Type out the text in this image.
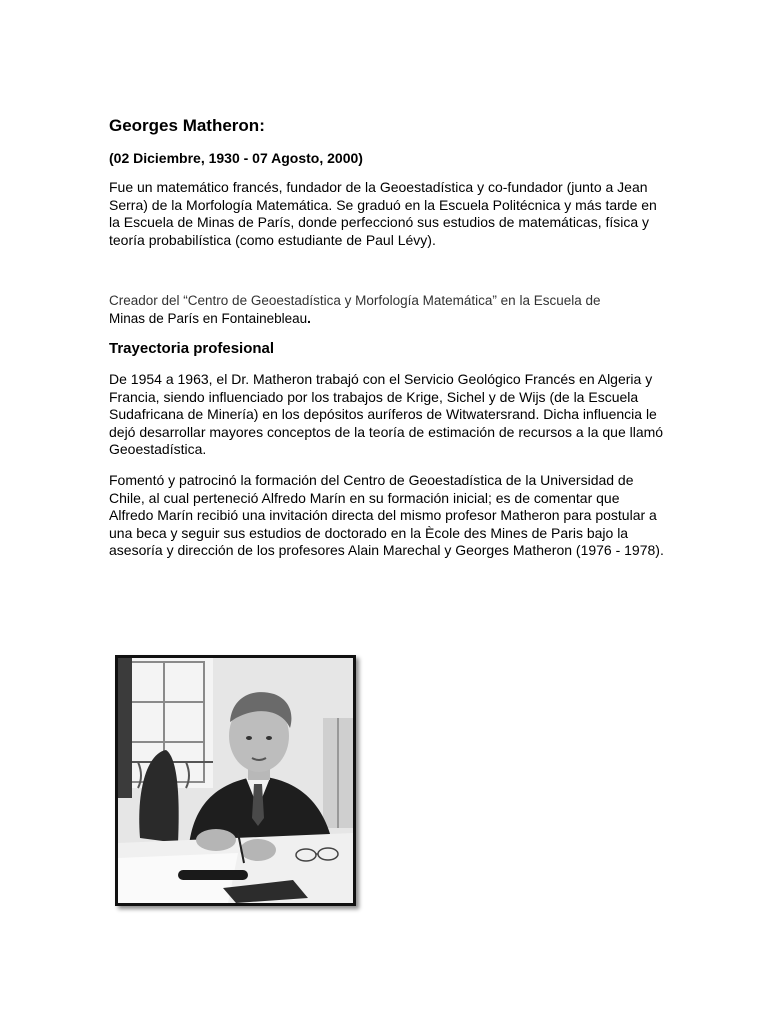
Georges Matheron:

(02 Diciembre, 1930 - 07 Agosto, 2000)

Fue un matemático francés, fundador de la Geoestadística y co-fundador (junto a Jean Serra) de la Morfología Matemática. Se graduó en la Escuela Politécnica y más tarde en la Escuela de Minas de París, donde perfeccionó sus estudios de matemáticas, física y teoría probabilística (como estudiante de Paul Lévy).

Creador del “Centro de Geoestadística y Morfología Matemática” en la Escuela de
Minas de París en Fontainebleau.

Trayectoria profesional

De 1954 a 1963, el Dr. Matheron trabajó con el Servicio Geológico Francés en Algeria y Francia, siendo influenciado por los trabajos de Krige, Sichel y de Wijs (de la Escuela Sudafricana de Minería) en los depósitos auríferos de Witwatersrand. Dicha influencia le dejó desarrollar mayores conceptos de la teoría de estimación de recursos a la que llamó Geoestadística.

Fomentó y patrocinó la formación del Centro de Geoestadística de la Universidad de Chile, al cual perteneció Alfredo Marín en su formación inicial; es de comentar que Alfredo Marín recibió una invitación directa del mismo profesor Matheron para postular a una beca y seguir sus estudios de doctorado en la Ècole des Mines de Paris bajo la asesoría y dirección de los profesores Alain Marechal y Georges Matheron (1976 - 1978).
